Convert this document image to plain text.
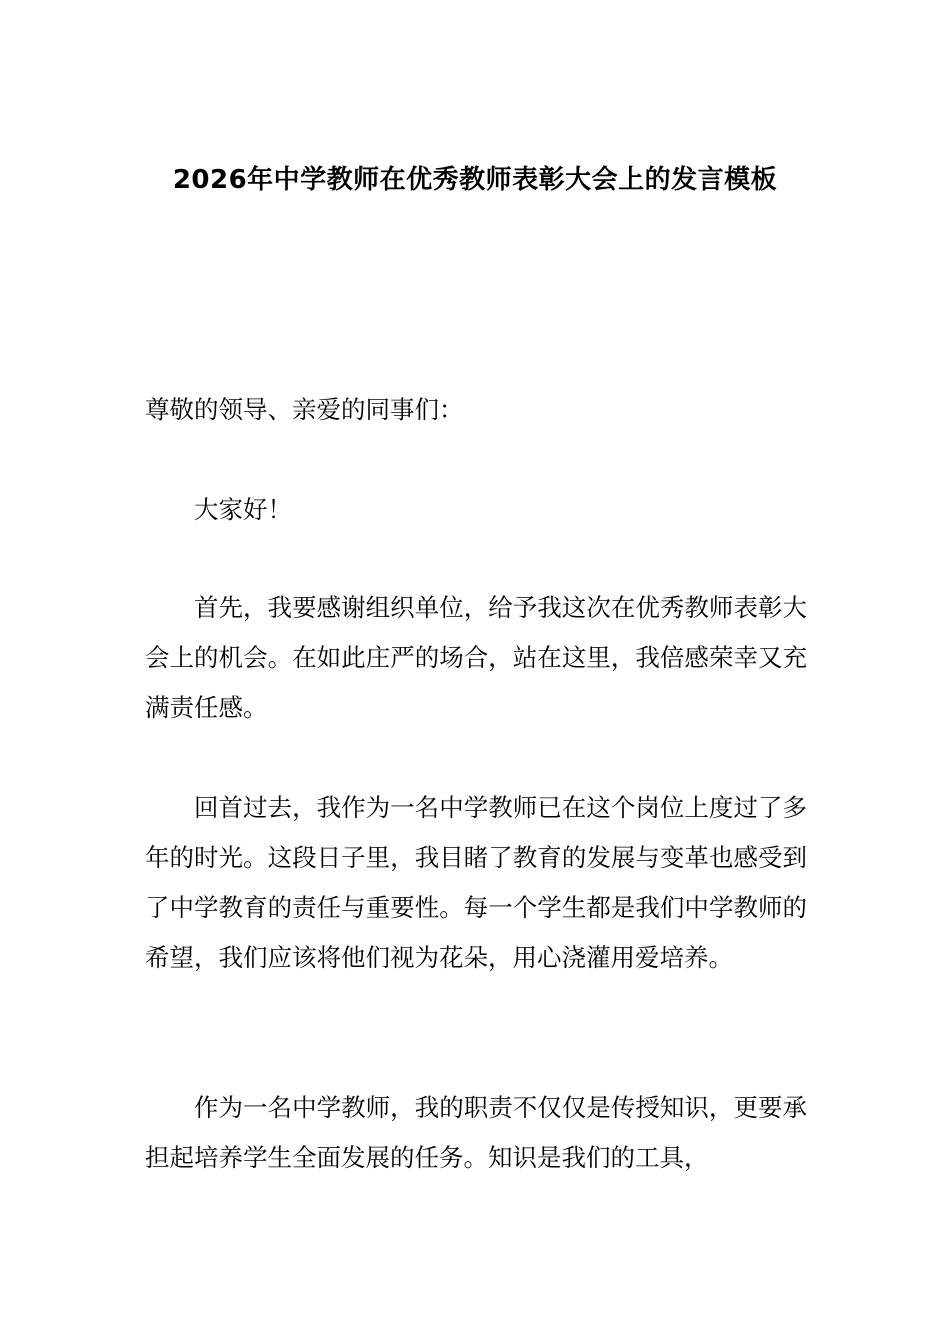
2026年中学教师在优秀教师表彰大会上的发言模板

尊敬的领导、亲爱的同事们：

大家好！

首先，我要感谢组织单位，给予我这次在优秀教师表彰大会上的机会。在如此庄严的场合，站在这里，我倍感荣幸又充满责任感。

回首过去，我作为一名中学教师已在这个岗位上度过了多年的时光。这段日子里，我目睹了教育的发展与变革也感受到了中学教育的责任与重要性。每一个学生都是我们中学教师的希望，我们应该将他们视为花朵，用心浇灌用爱培养。

作为一名中学教师，我的职责不仅仅是传授知识，更要承担起培养学生全面发展的任务。知识是我们的工具，
